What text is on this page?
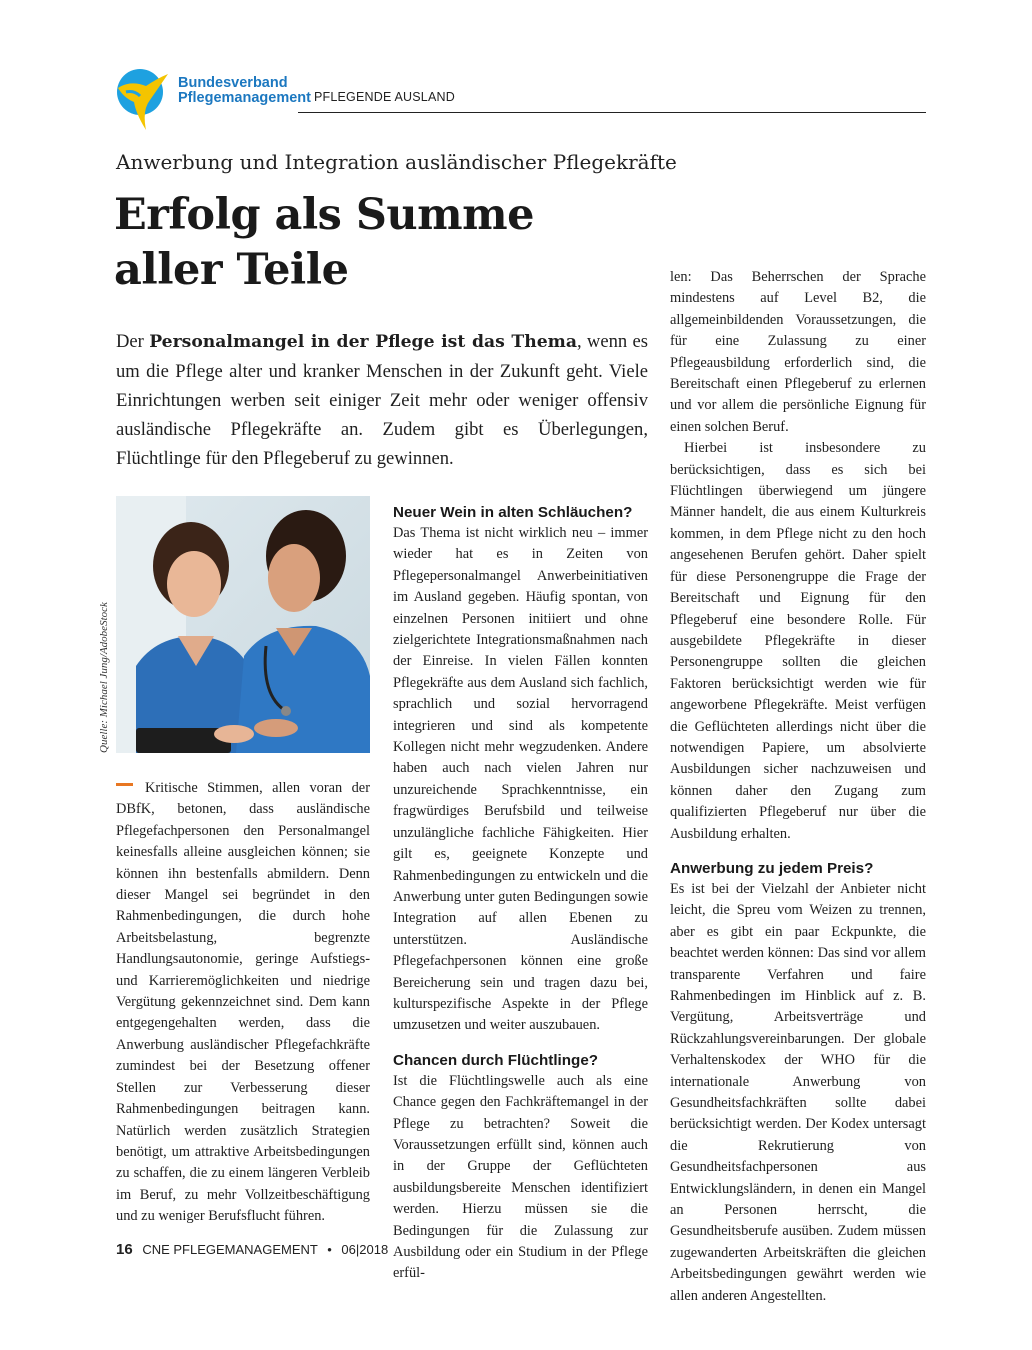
Bundesverband
Pflegemanagement PFLEGENDE AUSLAND
Anwerbung und Integration ausländischer Pflegekräfte
Erfolg als Summe
aller Teile

Der Personalmangel in der Pflege ist das Thema, wenn es um die Pflege alter und kranker Menschen in der Zukunft geht. Viele Einrichtungen werben seit einiger Zeit mehr oder weniger offensiv ausländische Pflegekräfte an. Zudem gibt es Überlegungen, Flüchtlinge für den Pflegeberuf zu gewinnen.

Quelle: Michael Jung/AdobeStock

Kritische Stimmen, allen voran der DBfK, betonen, dass ausländische Pflegefachpersonen den Personalmangel keinesfalls alleine ausgleichen können; sie können ihn bestenfalls abmildern. Denn dieser Mangel sei begründet in den Rahmenbedingungen, die durch hohe Arbeitsbelastung, begrenzte Handlungsautonomie, geringe Aufstiegs- und Karrieremöglichkeiten und niedrige Vergütung gekennzeichnet sind. Dem kann entgegengehalten werden, dass die Anwerbung ausländischer Pflegefachkräfte zumindest bei der Besetzung offener Stellen zur Verbesserung dieser Rahmenbedingungen beitragen kann. Natürlich werden zusätzlich Strategien benötigt, um attraktive Arbeitsbedingungen zu schaffen, die zu einem längeren Verbleib im Beruf, zu mehr Vollzeitbeschäftigung und zu weniger Berufsflucht führen.

Neuer Wein in alten Schläuchen?

Das Thema ist nicht wirklich neu – immer wieder hat es in Zeiten von Pflegepersonalmangel Anwerbeinitiativen im Ausland gegeben. Häufig spontan, von einzelnen Personen initiiert und ohne zielgerichtete Integrationsmaßnahmen nach der Einreise. In vielen Fällen konnten Pflegekräfte aus dem Ausland sich fachlich, sprachlich und sozial hervorragend integrieren und sind als kompetente Kollegen nicht mehr wegzudenken. Andere haben auch nach vielen Jahren nur unzureichende Sprachkenntnisse, ein fragwürdiges Berufsbild und teilweise unzulängliche fachliche Fähigkeiten. Hier gilt es, geeignete Konzepte und Rahmenbedingungen zu entwickeln und die Anwerbung unter guten Bedingungen sowie Integration auf allen Ebenen zu unterstützen. Ausländische Pflegefachpersonen können eine große Bereicherung sein und tragen dazu bei, kulturspezifische Aspekte in der Pflege umzusetzen und weiter auszubauen.

Chancen durch Flüchtlinge?

Ist die Flüchtlingswelle auch als eine Chance gegen den Fachkräftemangel in der Pflege zu betrachten? Soweit die Voraussetzungen erfüllt sind, können auch in der Gruppe der Geflüchteten ausbildungsbereite Menschen identifiziert werden. Hierzu müssen sie die Bedingungen für die Zulassung zur Ausbildung oder ein Studium in der Pflege erfül-

len: Das Beherrschen der Sprache mindestens auf Level B2, die allgemeinbildenden Voraussetzungen, die für eine Zulassung zu einer Pflegeausbildung erforderlich sind, die Bereitschaft einen Pflegeberuf zu erlernen und vor allem die persönliche Eignung für einen solchen Beruf.

Hierbei ist insbesondere zu berücksichtigen, dass es sich bei Flüchtlingen überwiegend um jüngere Männer handelt, die aus einem Kulturkreis kommen, in dem Pflege nicht zu den hoch angesehenen Berufen gehört. Daher spielt für diese Personengruppe die Frage der Bereitschaft und Eignung für den Pflegeberuf eine besondere Rolle. Für ausgebildete Pflegekräfte in dieser Personengruppe sollten die gleichen Faktoren berücksichtigt werden wie für angeworbene Pflegekräfte. Meist verfügen die Geflüchteten allerdings nicht über die notwendigen Papiere, um absolvierte Ausbildungen sicher nachzuweisen und können daher den Zugang zum qualifizierten Pflegeberuf nur über die Ausbildung erhalten.

Anwerbung zu jedem Preis?

Es ist bei der Vielzahl der Anbieter nicht leicht, die Spreu vom Weizen zu trennen, aber es gibt ein paar Eckpunkte, die beachtet werden können: Das sind vor allem transparente Verfahren und faire Rahmenbedingen im Hinblick auf z. B. Vergütung, Arbeitsverträge und Rückzahlungsvereinbarungen. Der globale Verhaltenskodex der WHO für die internationale Anwerbung von Gesundheitsfachkräften sollte dabei berücksichtigt werden. Der Kodex untersagt die Rekrutierung von Gesundheitsfachpersonen aus Entwicklungsländern, in denen ein Mangel an Personen herrscht, die Gesundheitsberufe ausüben. Zudem müssen zugewanderten Arbeitskräften die gleichen Arbeitsbedingungen gewährt werden wie allen anderen Angestellten.

16 CNE PFLEGEMANAGEMENT • 06|2018
